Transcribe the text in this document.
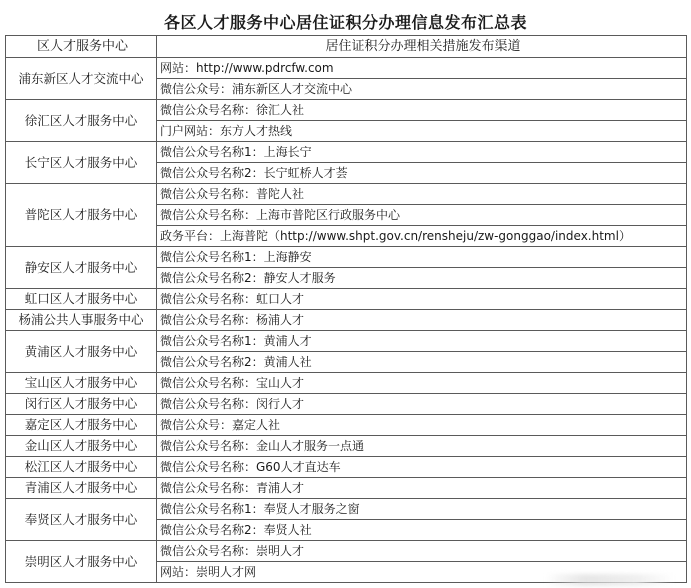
各区人才服务中心居住证积分办理信息发布汇总表
区人才服务中心	居住证积分办理相关措施发布渠道
浦东新区人才交流中心	网站：http://www.pdrcfw.com
	微信公众号：浦东新区人才交流中心
徐汇区人才服务中心	微信公众号名称：徐汇人社
	门户网站：东方人才热线
长宁区人才服务中心	微信公众号名称1：上海长宁
	微信公众号名称2：长宁虹桥人才荟
普陀区人才服务中心	微信公众号名称：普陀人社
	微信公众号名称：上海市普陀区行政服务中心
	政务平台：上海普陀（http://www.shpt.gov.cn/rensheju/zw-gonggao/index.html）
静安区人才服务中心	微信公众号名称1：上海静安
	微信公众号名称2：静安人才服务
虹口区人才服务中心	微信公众号名称：虹口人才
杨浦公共人事服务中心	微信公众号名称：杨浦人才
黄浦区人才服务中心	微信公众号名称1：黄浦人才
	微信公众号名称2：黄浦人社
宝山区人才服务中心	微信公众号名称：宝山人才
闵行区人才服务中心	微信公众号名称：闵行人才
嘉定区人才服务中心	微信公众号：嘉定人社
金山区人才服务中心	微信公众号名称：金山人才服务一点通
松江区人才服务中心	微信公众号名称：G60人才直达车
青浦区人才服务中心	微信公众号名称：青浦人才
奉贤区人才服务中心	微信公众号名称1：奉贤人才服务之窗
	微信公众号名称2：奉贤人社
崇明区人才服务中心	微信公众号名称：崇明人才
	网站：崇明人才网
